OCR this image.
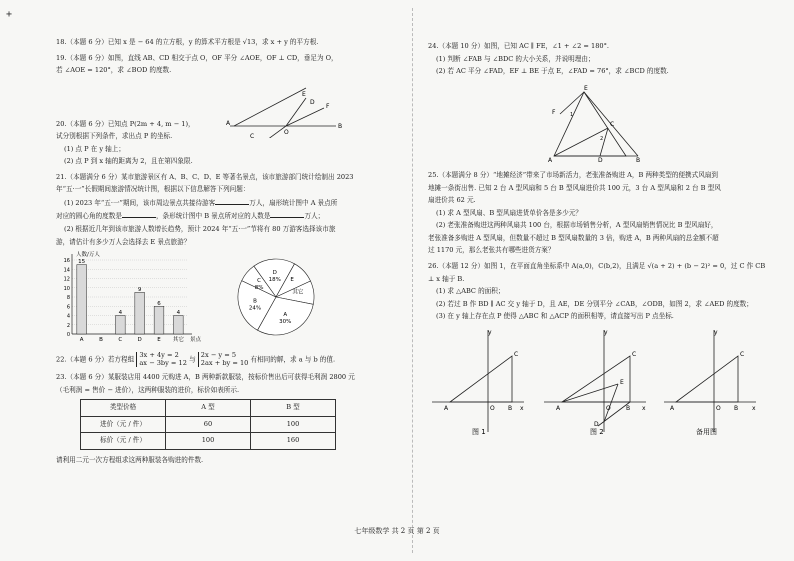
+

18.（本题 6 分）已知 x 是 − 64 的立方根，y 的算术平方根是 √13，求 x + y 的平方根.

19.（本题 6 分）如图，直线 AB、CD 相交于点 O，OF 平分 ∠AOE，OF ⊥ CD，垂足为 O，

若 ∠AOE = 120°，求 ∠BOD 的度数.

A	B
C
D
E
F
O

20.（本题 6 分）已知点 P(2m + 4, m − 1)，

试分别根据下列条件，求出点 P 的坐标.

(1) 点 P 在 y 轴上；

(2) 点 P 到 x 轴的距离为 2，且在第四象限.

21.（本题满分 6 分）某市旅游景区有 A、B、C、D、E 等著名景点，该市旅游部门统计绘制出 2023

年“五·一”长假期间旅游情况统计图，根据以下信息解答下列问题：

(1) 2023 年“五·一”期间，该市周边景点共接待游客	万人，扇形统计图中 A 景点所

对应的圆心角的度数是	，条形统计图中 B 景点所对应的人数是	万人；

(2) 根据近几年到该市旅游人数增长趋势，预计 2024 年“五·一”节将有 80 万游客选择该市旅

游，请估计有多少万人会选择去 E 景点旅游？

0
2
4
6
8
10
12
14
16
人数/万人
景点
A
15
B	C
4
D
9
E
6
其它
4
D
18% E
其它
A
30%
B
24%
C
8%

22.（本题 6 分）若方程组 3x + 4y = 2
ax − 3by = 12 与 2x − y = 5
2ax + by = 10 有相同的解，求 a 与 b 的值.

23.（本题 6 分）某服装店用 4400 元购进 A，B 两种新款服装，按标价售出后可获得毛利润 2800 元

（毛利润 = 售价 − 进价），这两种服装的进价，标价如表所示.

类型价格	A 型	B 型
进价（元 / 件）	60	100
标价（元 / 件）	100	160

请利用二元一次方程组求这两种服装各购进的件数.

24.（本题 10 分）如图，已知 AC ∥ FE，∠1 + ∠2 = 180°.

(1) 判断 ∠FAB 与 ∠BDC 的大小关系，并说明理由；

(2) 若 AC 平分 ∠FAD，EF ⊥ BE 于点 E，∠FAD = 76°，求 ∠BCD 的度数.

F
E
C
A	D	B
1
2

25.（本题满分 8 分）“地摊经济”带来了市场新活力，老张准备购进 A，B 两种类型的便携式风扇到

地摊一条街出售. 已知 2 台 A 型风扇和 5 台 B 型风扇进价共 100 元，3 台 A 型风扇和 2 台 B 型风

扇进价共 62 元.

(1) 求 A 型风扇、B 型风扇进货单价各是多少元？

(2) 老张准备购进这两种风扇共 100 台，根据市场销售分析，A 型风扇销售情况比 B 型风扇好，

老张准备多购进 A 型风扇，但数量不超过 B 型风扇数量的 3 倍，购进 A，B 两种风扇的总金额不超

过 1170 元，那么老张共有哪些进货方案？

26.（本题 12 分）如图 1，在平面直角坐标系中 A(a,0)，C(b,2)，且满足 √(a + 2) + (b − 2)² = 0，过 C 作 CB

⊥ x 轴于 B.

(1) 求 △ABC 的面积；

(2) 若过 B 作 BD ∥ AC 交 y 轴于 D，且 AE，DE 分别平分 ∠CAB，∠ODB，如图 2，求 ∠AED 的度数；

(3) 在 y 轴上存在点 P 使得 △ABC 和 △ACP 的面积相等，请直接写出 P 点坐标.

y
x
A	O B
C
图 1
y
x
A	O	B
C
E
D
图 2
y
x
A	O B
C
备用图
七年级数学 共 2 页 第 2 页
